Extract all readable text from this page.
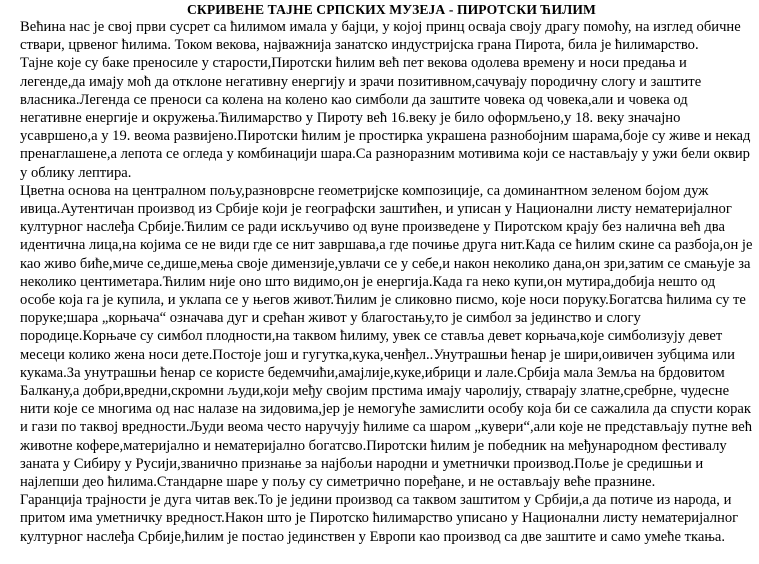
СКРИВЕНЕ ТАЈНЕ СРПСКИХ МУЗЕЈА - ПИРОТСКИ ЋИЛИМ

Већина нас је свој први сусрет са ћилимом имала у бајци, у којој принц осваја своју драгу помоћу, на изглед обичне ствари, црвеног ћилима. Током векова, најважнија занатско индустријска грана Пирота, била је ћилимарство.

Тајне које су баке преносиле у старости,Пиротски ћилим већ пет векова одолева времену и носи предања и легенде,да имају моћ да отклоне негативну енергију и зрачи позитивном,сачувају породичну слогу и заштите власника.Легенда се преноси са колена на колено као симболи да заштите човека од човека,али и човека од негативне енергије и окружења.Ћилимарство у Пироту већ 16.веку је било оформљено,у 18. веку значајно усавршено,а у 19. веома развијено.Пиротски ћилим је простирка украшена разнобојним шарама,боје су живе и некад пренаглашене,а лепота се огледа у комбинацији шара.Са разноразним мотивима који се настављају у ужи бели оквир у облику лептира.

Цветна основа на централном пољу,разноврсне геометријске композиције, са доминантном зеленом бојом дуж ивица.Аутентичан производ из Србије који је географски заштићен, и уписан у Национални листу нематеријалног културног наслеђа Србије.Ћилим се ради искључиво од вуне произведене у Пиротском крају без налична већ два идентична лица,на којима се не види где се нит завршава,а где почиње друга нит.Када се ћилим скине са разбоја,он је као живо биће,миче се,дише,мења своје димензије,увлачи се у себе,и након неколико дана,он зри,затим се смањује за неколико центиметара.Ћилим није оно што видимо,он је енергија.Када га неко купи,он мутира,добија нешто од особе која га је купила, и уклапа се у његов живот.Ћилим је сликовно писмо, које носи поруку.Богатсва ћилима су те поруке;шара „корњача“ означава дуг и срећан живот у благостању,то је симбол за јединство и слогу породице.Корњаче су симбол плодности,на таквом ћилиму, увек се ставља девет корњача,које симболизују девет месеци колико жена носи дете.Постоје још и гугутка,кука,ченђел..Унутрашњи ћенар је шири,оивичен зубцима или кукама.За унутрашњи ћенар се користе бедемчићи,амајлије,куке,ибрици и лале.Србија мала Земља на брдовитом Балкану,а добри,вредни,скромни људи,који међу својим прстима имају чаролију, стварају златне,сребрне, чудесне нити које се многима од нас налазе на зидовима,јер је немогуће замислити особу која би се сажалила да спусти корак и гази по таквој вредности.Људи веома често наручују ћилиме са шаром „кувери“,али које не представљају путне већ животне кофере,материјално и нематеријално богатсво.Пиротски ћилим је победник на међународном фестивалу заната у Сибиру у Русији,званично признање за најбољи народни и уметнички производ.Поље је средишњи и најлепши део ћилима.Стандарне шаре у пољу су симетрично поређане, и не остављају веће празнине.

Гаранција трајности је дуга читав век.То је једини производ са таквом заштитом у Србији,а да потиче из народа, и притом има уметничку вредност.Након што је Пиротско ћилимарство уписано у Национални листу нематеријалног културног наслеђа Србије,ћилим је постао јединствен у Европи као производ са две заштите и само умеће ткања.
